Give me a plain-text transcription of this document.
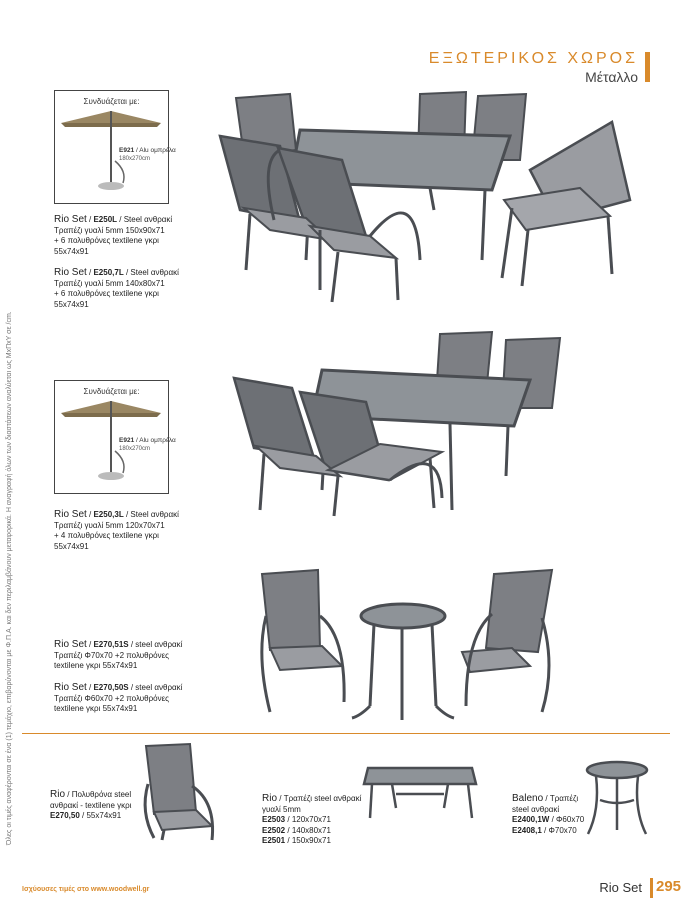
ΕΞΩΤΕΡΙΚΟΣ ΧΩΡΟΣ
Μέταλλο
Όλες οι τιμές αναφέρονται σε ένα (1) τεμάχιο, επιβαρύνονται με Φ.Π.Α. και δεν περιλαμβάνουν μεταφορικά. Η αναγραφή όλων των διαστάσεων αναλύεται ως ΜxΠxΥ σε /cm.
Συνδυάζεται με:
E921 / Alu ομπρέλα
180x270cm
Συνδυάζεται με:
E921 / Alu ομπρέλα
180x270cm
Rio Set / E250L / Steel ανθρακί
Τραπέζι γυαλί 5mm 150x90x71
+ 6 πολυθρόνες textilene γκρι
55x74x91
Rio Set / E250,7L / Steel ανθρακί
Τραπέζι γυαλί 5mm 140x80x71
+ 6 πολυθρόνες textilene γκρι
55x74x91
Rio Set / E250,3L / Steel ανθρακί
Τραπέζι γυαλί 5mm 120x70x71
+ 4 πολυθρόνες textilene γκρι
55x74x91
Rio Set / E270,51S / steel ανθρακί
Τραπέζι Φ70x70 +2 πολυθρόνες
textilene γκρι 55x74x91
Rio Set / E270,50S / steel ανθρακί
Τραπέζι Φ60x70 +2 πολυθρόνες
textilene γκρι 55x74x91
Rio / Πολυθρόνα steel
ανθρακί - textilene γκρι
E270,50 / 55x74x91
Rio / Τραπέζι steel ανθρακί
γυαλί 5mm
E2503 / 120x70x71
E2502 / 140x80x71
E2501 / 150x90x71
Baleno / Τραπέζι
steel ανθρακί
E2400,1W / Φ60x70
E2408,1 / Φ70x70
Ισχύουσες τιμές στο www.woodwell.gr	Rio Set 295
